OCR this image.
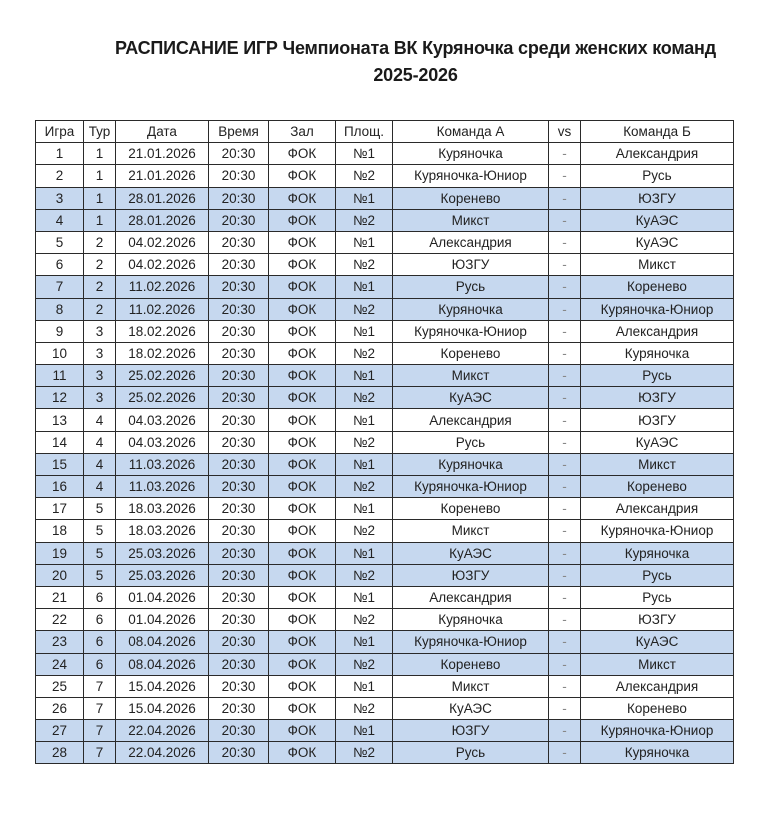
РАСПИСАНИЕ ИГР Чемпионата ВК Куряночка среди женских команд
2025-2026
Игра	Тур	Дата	Время	Зал	Площ.	Команда А	vs	Команда Б
1	1	21.01.2026	20:30	ФОК	№1	Куряночка	-	Александрия
2	1	21.01.2026	20:30	ФОК	№2	Куряночка-Юниор	-	Русь
3	1	28.01.2026	20:30	ФОК	№1	Коренево	-	ЮЗГУ
4	1	28.01.2026	20:30	ФОК	№2	Микст	-	КуАЭС
5	2	04.02.2026	20:30	ФОК	№1	Александрия	-	КуАЭС
6	2	04.02.2026	20:30	ФОК	№2	ЮЗГУ	-	Микст
7	2	11.02.2026	20:30	ФОК	№1	Русь	-	Коренево
8	2	11.02.2026	20:30	ФОК	№2	Куряночка	-	Куряночка-Юниор
9	3	18.02.2026	20:30	ФОК	№1	Куряночка-Юниор	-	Александрия
10	3	18.02.2026	20:30	ФОК	№2	Коренево	-	Куряночка
11	3	25.02.2026	20:30	ФОК	№1	Микст	-	Русь
12	3	25.02.2026	20:30	ФОК	№2	КуАЭС	-	ЮЗГУ
13	4	04.03.2026	20:30	ФОК	№1	Александрия	-	ЮЗГУ
14	4	04.03.2026	20:30	ФОК	№2	Русь	-	КуАЭС
15	4	11.03.2026	20:30	ФОК	№1	Куряночка	-	Микст
16	4	11.03.2026	20:30	ФОК	№2	Куряночка-Юниор	-	Коренево
17	5	18.03.2026	20:30	ФОК	№1	Коренево	-	Александрия
18	5	18.03.2026	20:30	ФОК	№2	Микст	-	Куряночка-Юниор
19	5	25.03.2026	20:30	ФОК	№1	КуАЭС	-	Куряночка
20	5	25.03.2026	20:30	ФОК	№2	ЮЗГУ	-	Русь
21	6	01.04.2026	20:30	ФОК	№1	Александрия	-	Русь
22	6	01.04.2026	20:30	ФОК	№2	Куряночка	-	ЮЗГУ
23	6	08.04.2026	20:30	ФОК	№1	Куряночка-Юниор	-	КуАЭС
24	6	08.04.2026	20:30	ФОК	№2	Коренево	-	Микст
25	7	15.04.2026	20:30	ФОК	№1	Микст	-	Александрия
26	7	15.04.2026	20:30	ФОК	№2	КуАЭС	-	Коренево
27	7	22.04.2026	20:30	ФОК	№1	ЮЗГУ	-	Куряночка-Юниор
28	7	22.04.2026	20:30	ФОК	№2	Русь	-	Куряночка
